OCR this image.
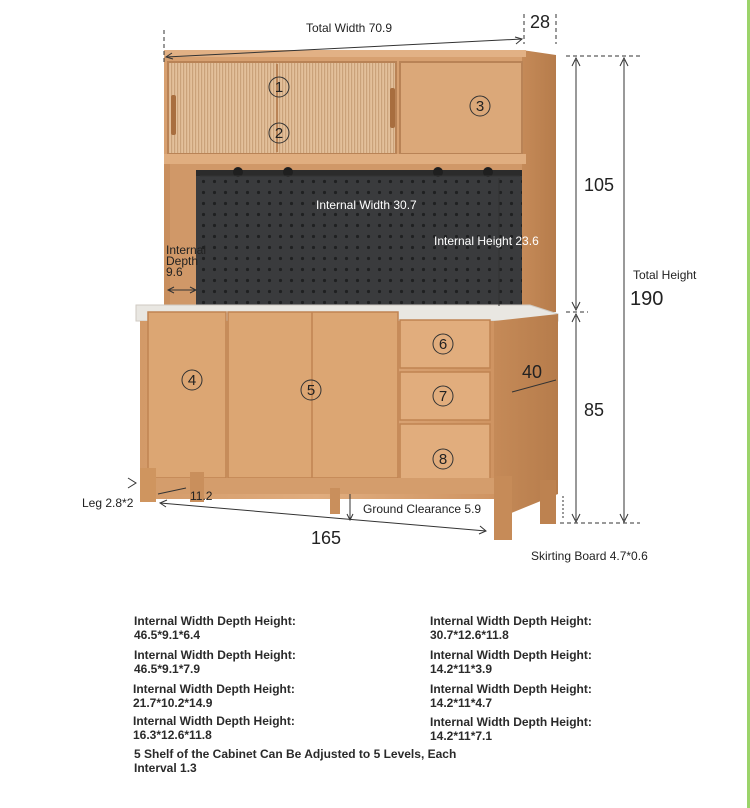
1
2
3
4
5
6
7
8
Total Width 70.9	28
105
Total Height
190
85
40
165
Internal Width 30.7
Internal Height 23.6
Internal
Depth
9.6
Leg 2.8*2	11.2
Ground Clearance 5.9
Skirting Board 4.7*0.6
Internal Width Depth Height:
46.5*9.1*6.4
Internal Width Depth Height:
30.7*12.6*11.8
Internal Width Depth Height:
46.5*9.1*7.9
Internal Width Depth Height:
14.2*11*3.9
Internal Width Depth Height:
21.7*10.2*14.9
Internal Width Depth Height:
14.2*11*4.7
Internal Width Depth Height:
16.3*12.6*11.8
Internal Width Depth Height:
14.2*11*7.1
5 Shelf of the Cabinet Can Be Adjusted to 5 Levels, Each
Interval 1.3
